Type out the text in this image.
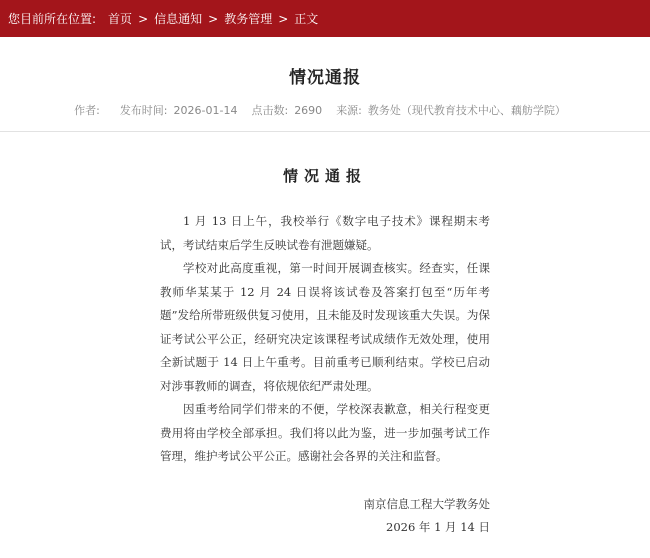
您目前所在位置: 首页 > 信息通知 > 教务管理 > 正文
情况通报
作者:	发布时间: 2026-01-14 点击数: 2690 来源: 教务处（现代教育技术中心、藕舫学院）
情况通报

1 月 13 日上午，我校举行《数字电子技术》课程期末考试，考试结束后学生反映试卷有泄题嫌疑。

学校对此高度重视，第一时间开展调查核实。经查实，任课教师华某某于 12 月 24 日误将该试卷及答案打包至“历年考题”发给所带班级供复习使用，且未能及时发现该重大失误。为保证考试公平公正，经研究决定该课程考试成绩作无效处理，使用全新试题于 14 日上午重考。目前重考已顺利结束。学校已启动对涉事教师的调查，将依规依纪严肃处理。

因重考给同学们带来的不便，学校深表歉意，相关行程变更费用将由学校全部承担。我们将以此为鉴，进一步加强考试工作管理，维护考试公平公正。感谢社会各界的关注和监督。

南京信息工程大学教务处
2026 年 1 月 14 日
